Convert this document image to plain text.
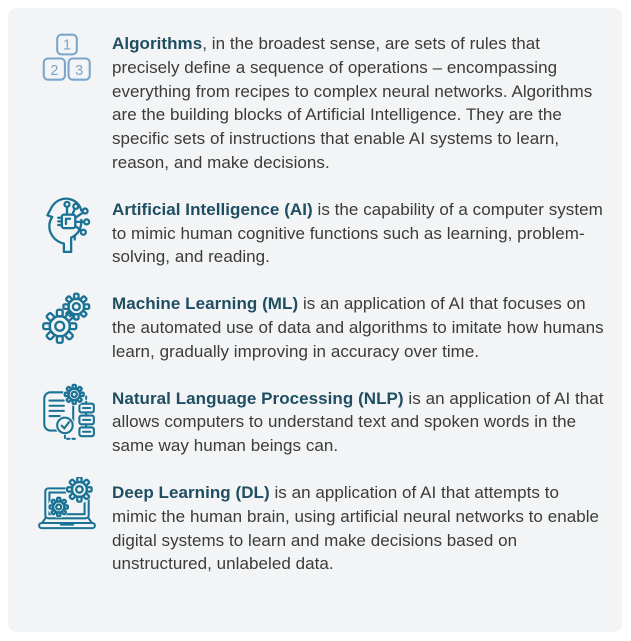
1
2 3

Algorithms, in the broadest sense, are sets of rules that precisely define a sequence of operations – encompassing everything from recipes to complex neural networks. Algorithms are the building blocks of Artificial Intelligence. They are the specific sets of instructions that enable AI systems to learn, reason, and make decisions.

Artificial Intelligence (AI) is the capability of a computer system to mimic human cognitive functions such as learning, problem-solving, and reading.

Machine Learning (ML) is an application of AI that focuses on the automated use of data and algorithms to imitate how humans learn, gradually improving in accuracy over time.

Natural Language Processing (NLP) is an application of AI that allows computers to understand text and spoken words in the same way human beings can.

Deep Learning (DL) is an application of AI that attempts to mimic the human brain, using artificial neural networks to enable digital systems to learn and make decisions based on unstructured, unlabeled data.
